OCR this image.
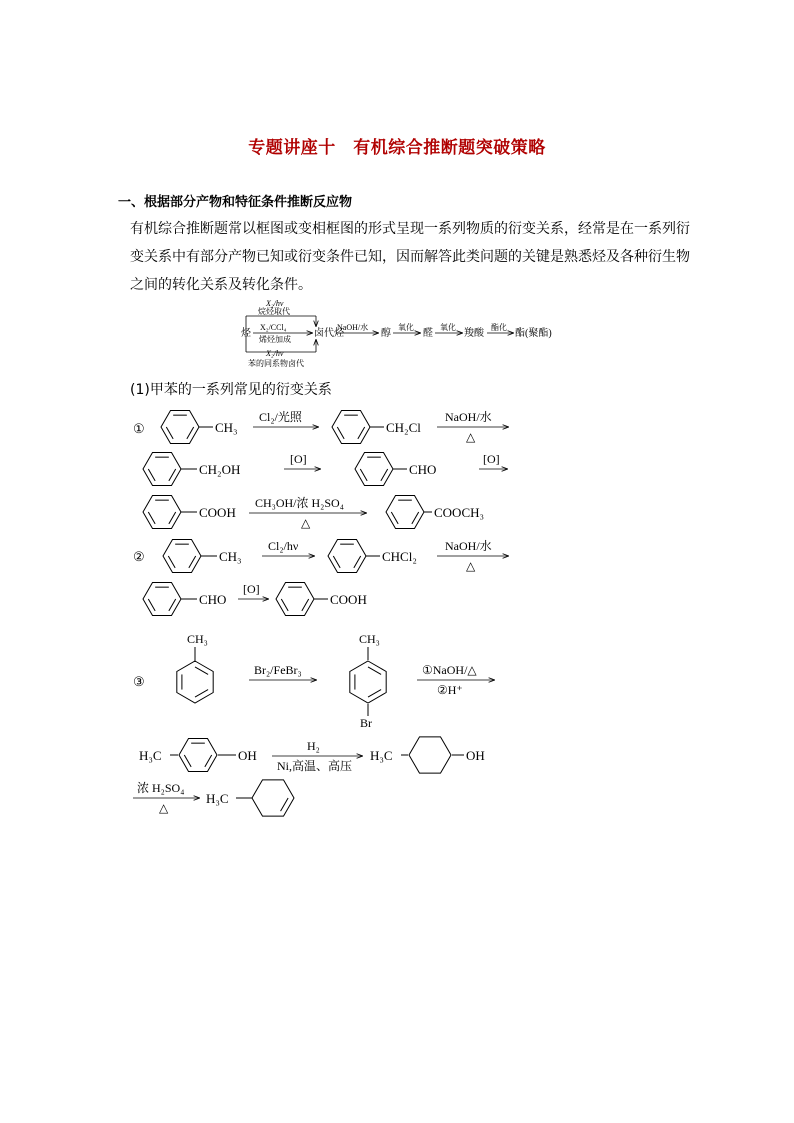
专题讲座十　有机综合推断题突破策略
一、根据部分产物和特征条件推断反应物

有机综合推断题常以框图或变相框图的形式呈现一系列物质的衍变关系，经常是在一系列衍变关系中有部分产物已知或衍变条件已知，因而解答此类问题的关键是熟悉烃及各种衍生物之间的转化关系及转化条件。

(1)甲苯的一系列常见的衍变关系
烃
X₂/hν
烷烃取代
X₂/CCl₄
烯烃加成
X₂/hν
苯的同系物卤代
卤代烃
NaOH/水
醇
氧化
醛
氧化
羧酸
酯化
酯(聚酯)
①	CH₃
Cl₂/光照
CH₂Cl
NaOH/水
△
CH₂OH
[O]
CHO
[O]
COOH
CH₃OH/浓 H₂SO₄
△
COOCH₃
②	CH₃
Cl₂/hν
CHCl₂
NaOH/水
△
CHO
[O]
COOH
③
CH₃
Br₂/FeBr₃
CH₃
Br
①NaOH/△
②H⁺
H₃C	OH
H₂
Ni,高温、高压
H₃C	OH
浓 H₂SO₄
△
H₃C
